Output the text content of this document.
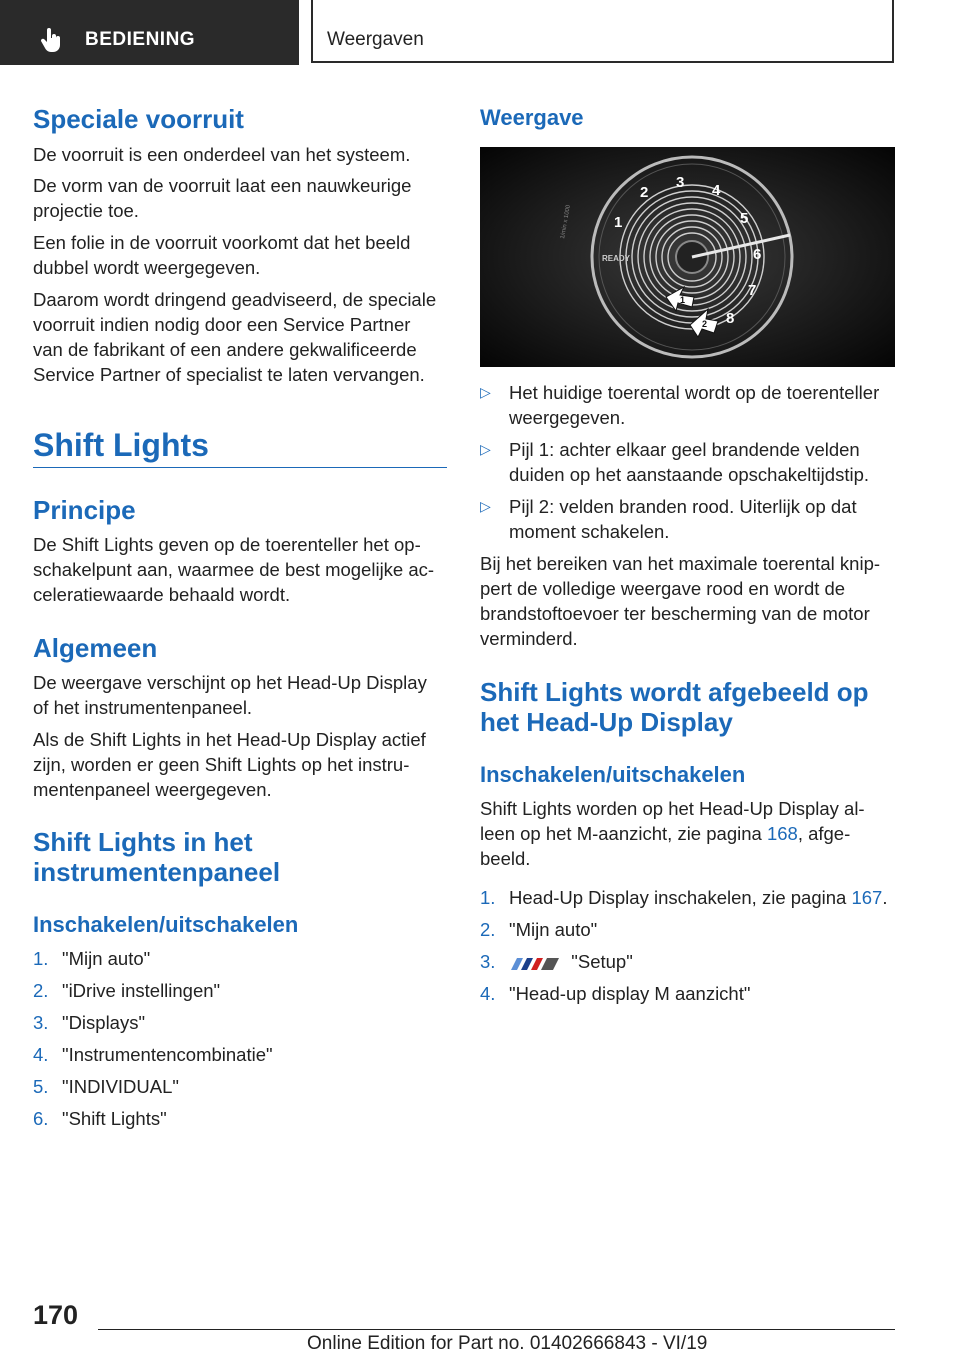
BEDIENING	Weergaven
Speciale voorruit
De voorruit is een onderdeel van het systeem.
De vorm van de voorruit laat een nauwkeurige
projectie toe.
Een folie in de voorruit voorkomt dat het beeld
dubbel wordt weergegeven.
Daarom wordt dringend geadviseerd, de speciale
voorruit indien nodig door een Service Partner
van de fabrikant of een andere gekwalificeerde
Service Partner of specialist te laten vervangen.
Shift Lights
Principe
De Shift Lights geven op de toerenteller het op-
schakelpunt aan, waarmee de best mogelijke ac-
celeratiewaarde behaald wordt.
Algemeen
De weergave verschijnt op het Head-Up Display
of het instrumentenpaneel.
Als de Shift Lights in het Head-Up Display actief
zijn, worden er geen Shift Lights op het instru-
mentenpaneel weergegeven.
Shift Lights in het
instrumentenpaneel
Inschakelen/uitschakelen
1. "Mijn auto"
2. "iDrive instellingen"
3. "Displays"
4. "Instrumentencombinatie"
5. "INDIVIDUAL"
6. "Shift Lights"
Weergave
1
2
3 4
5
6
7
8
READY
1/min x 1000
1
2
▷ Het huidige toerental wordt op de toerenteller
weergegeven.
▷ Pijl 1: achter elkaar geel brandende velden
duiden op het aanstaande opschakeltijdstip.
▷ Pijl 2: velden branden rood. Uiterlijk op dat
moment schakelen.
Bij het bereiken van het maximale toerental knip-
pert de volledige weergave rood en wordt de
brandstoftoevoer ter bescherming van de motor
verminderd.
Shift Lights wordt afgebeeld op
het Head-Up Display
Inschakelen/uitschakelen
Shift Lights worden op het Head-Up Display al-
leen op het M-aanzicht, zie pagina 168, afge-
beeld.
1. Head-Up Display inschakelen, zie pagina 167.
2. "Mijn auto"
3.	"Setup"
4. "Head-up display M aanzicht"
170
Online Edition for Part no. 01402666843 - VI/19
